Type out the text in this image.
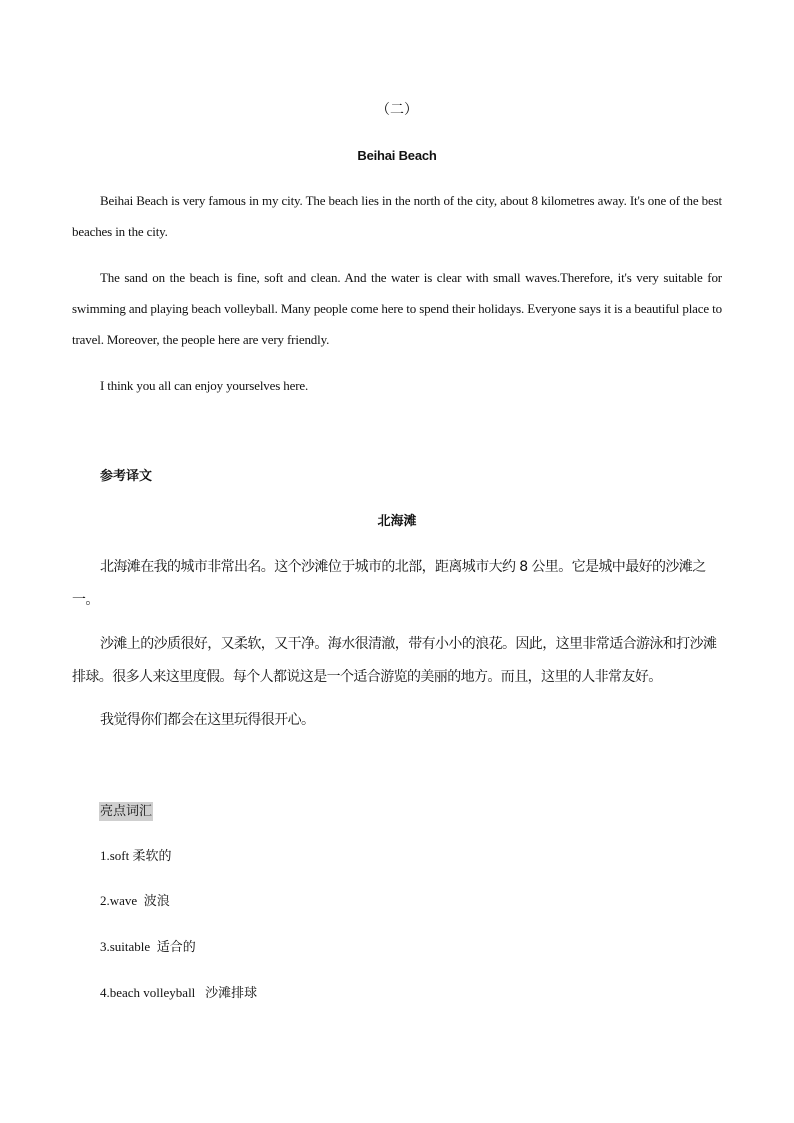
（二）

Beihai Beach

Beihai Beach is very famous in my city. The beach lies in the north of the city, about 8 kilometres away. It's one of the best beaches in the city.

The sand on the beach is fine, soft and clean. And the water is clear with small waves.Therefore, it's very suitable for swimming and playing beach volleyball. Many people come here to spend their holidays. Everyone says it is a beautiful place to travel. Moreover, the people here are very friendly.

I think you all can enjoy yourselves here.

参考译文

北海滩

北海滩在我的城市非常出名。这个沙滩位于城市的北部，距离城市大约 8 公里。它是城中最好的沙滩之一。

沙滩上的沙质很好，又柔软，又干净。海水很清澈，带有小小的浪花。因此，这里非常适合游泳和打沙滩排球。很多人来这里度假。每个人都说这是一个适合游览的美丽的地方。而且，这里的人非常友好。

我觉得你们都会在这里玩得很开心。

亮点词汇

1.soft 柔软的

2.wave 波浪

3.suitable 适合的

4.beach volleyball 沙滩排球
